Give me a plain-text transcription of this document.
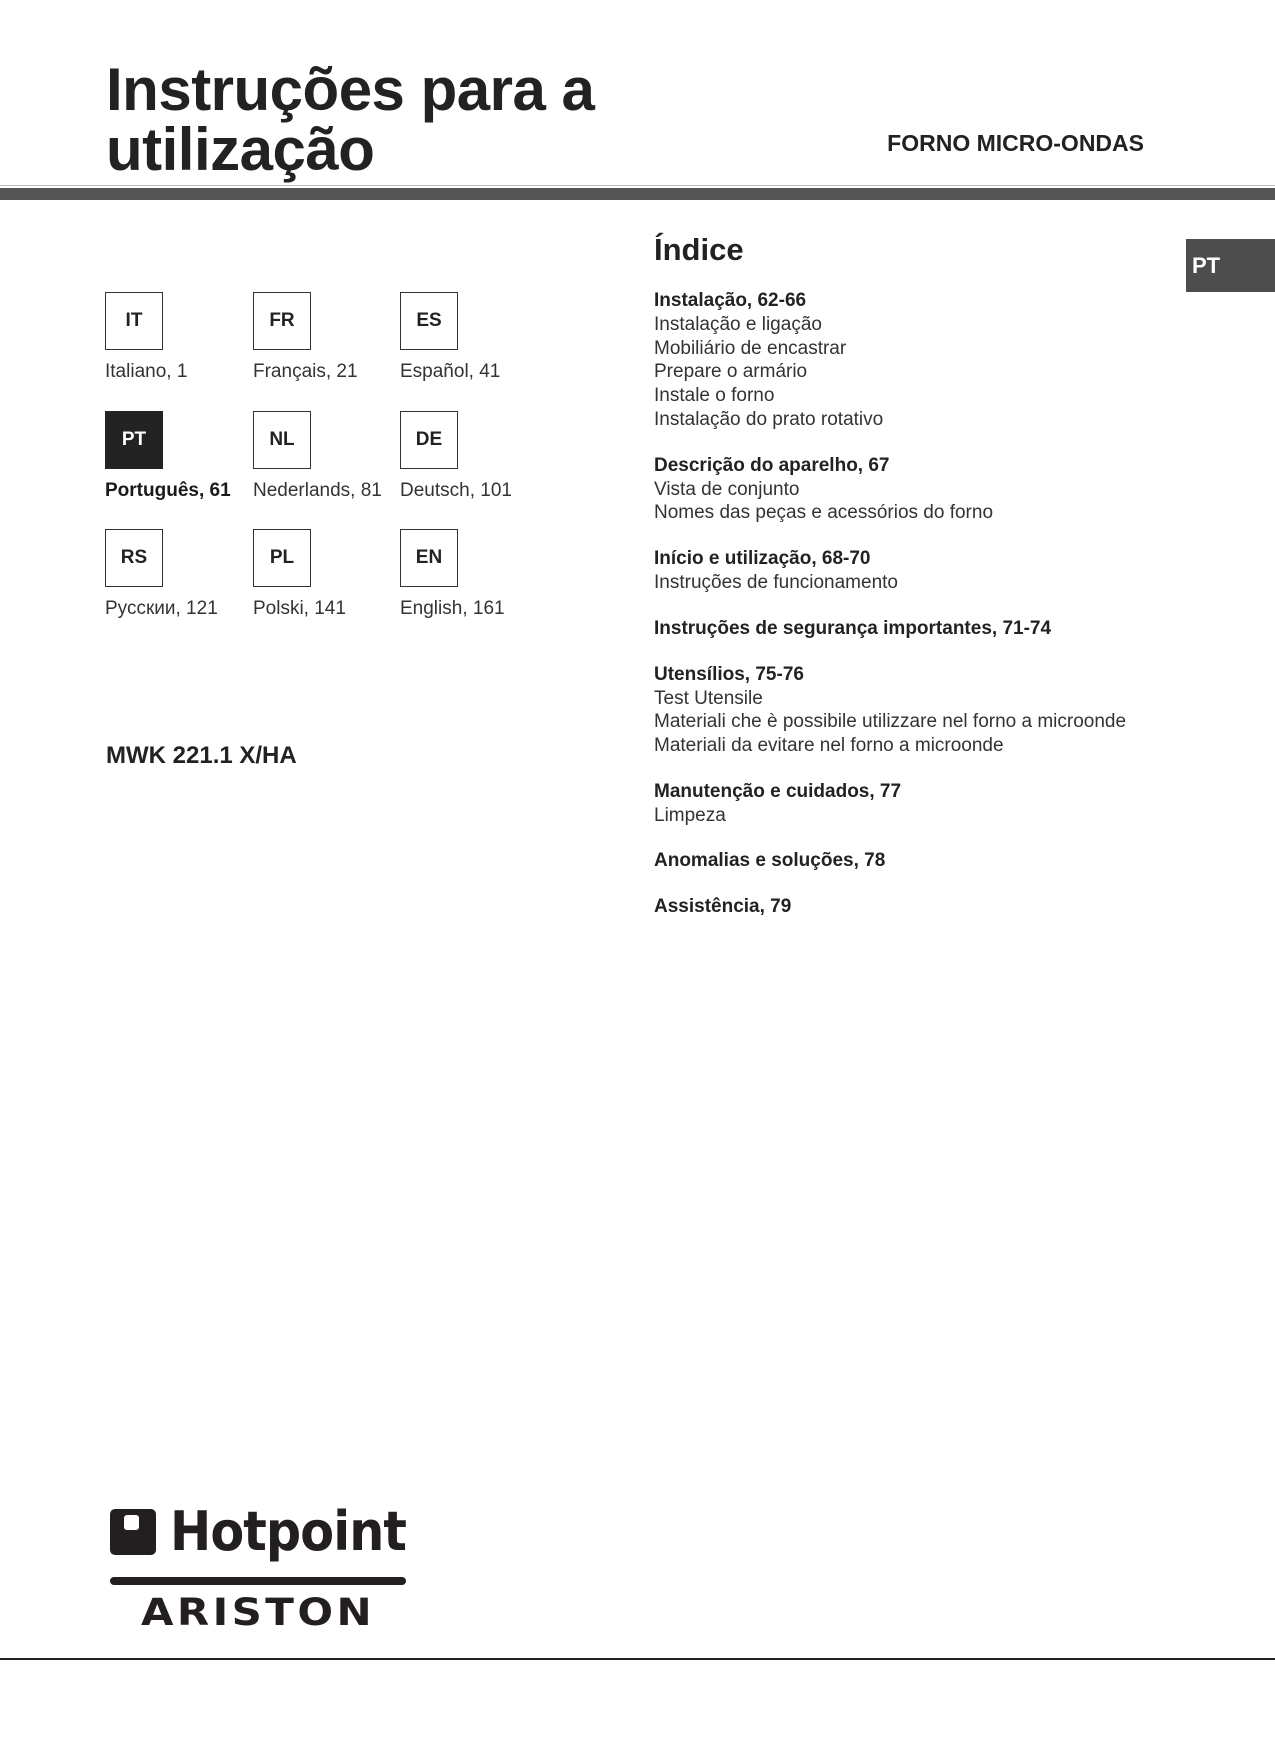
Instruções para a
utilização	FORNO MICRO-ONDAS
PT
IT
Italiano, 1
FR
Français, 21
ES
Español, 41
PT
Português, 61
NL
Nederlands, 81
DE
Deutsch, 101
RS
Русскии, 121
PL
Polski, 141
EN
English, 161
MWK 221.1 X/HA
Índice
Instalação, 62-66
Instalação e ligação
Mobiliário de encastrar
Prepare o armário
Instale o forno
Instalação do prato rotativo
Descrição do aparelho, 67
Vista de conjunto
Nomes das peças e acessórios do forno
Início e utilização, 68-70
Instruções de funcionamento
Instruções de segurança importantes, 71-74
Utensílios, 75-76
Test Utensile
Materiali che è possibile utilizzare nel forno a microonde
Materiali da evitare nel forno a microonde
Manutenção e cuidados, 77
Limpeza
Anomalias e soluções, 78
Assistência, 79
Hotpoint
ARISTON
